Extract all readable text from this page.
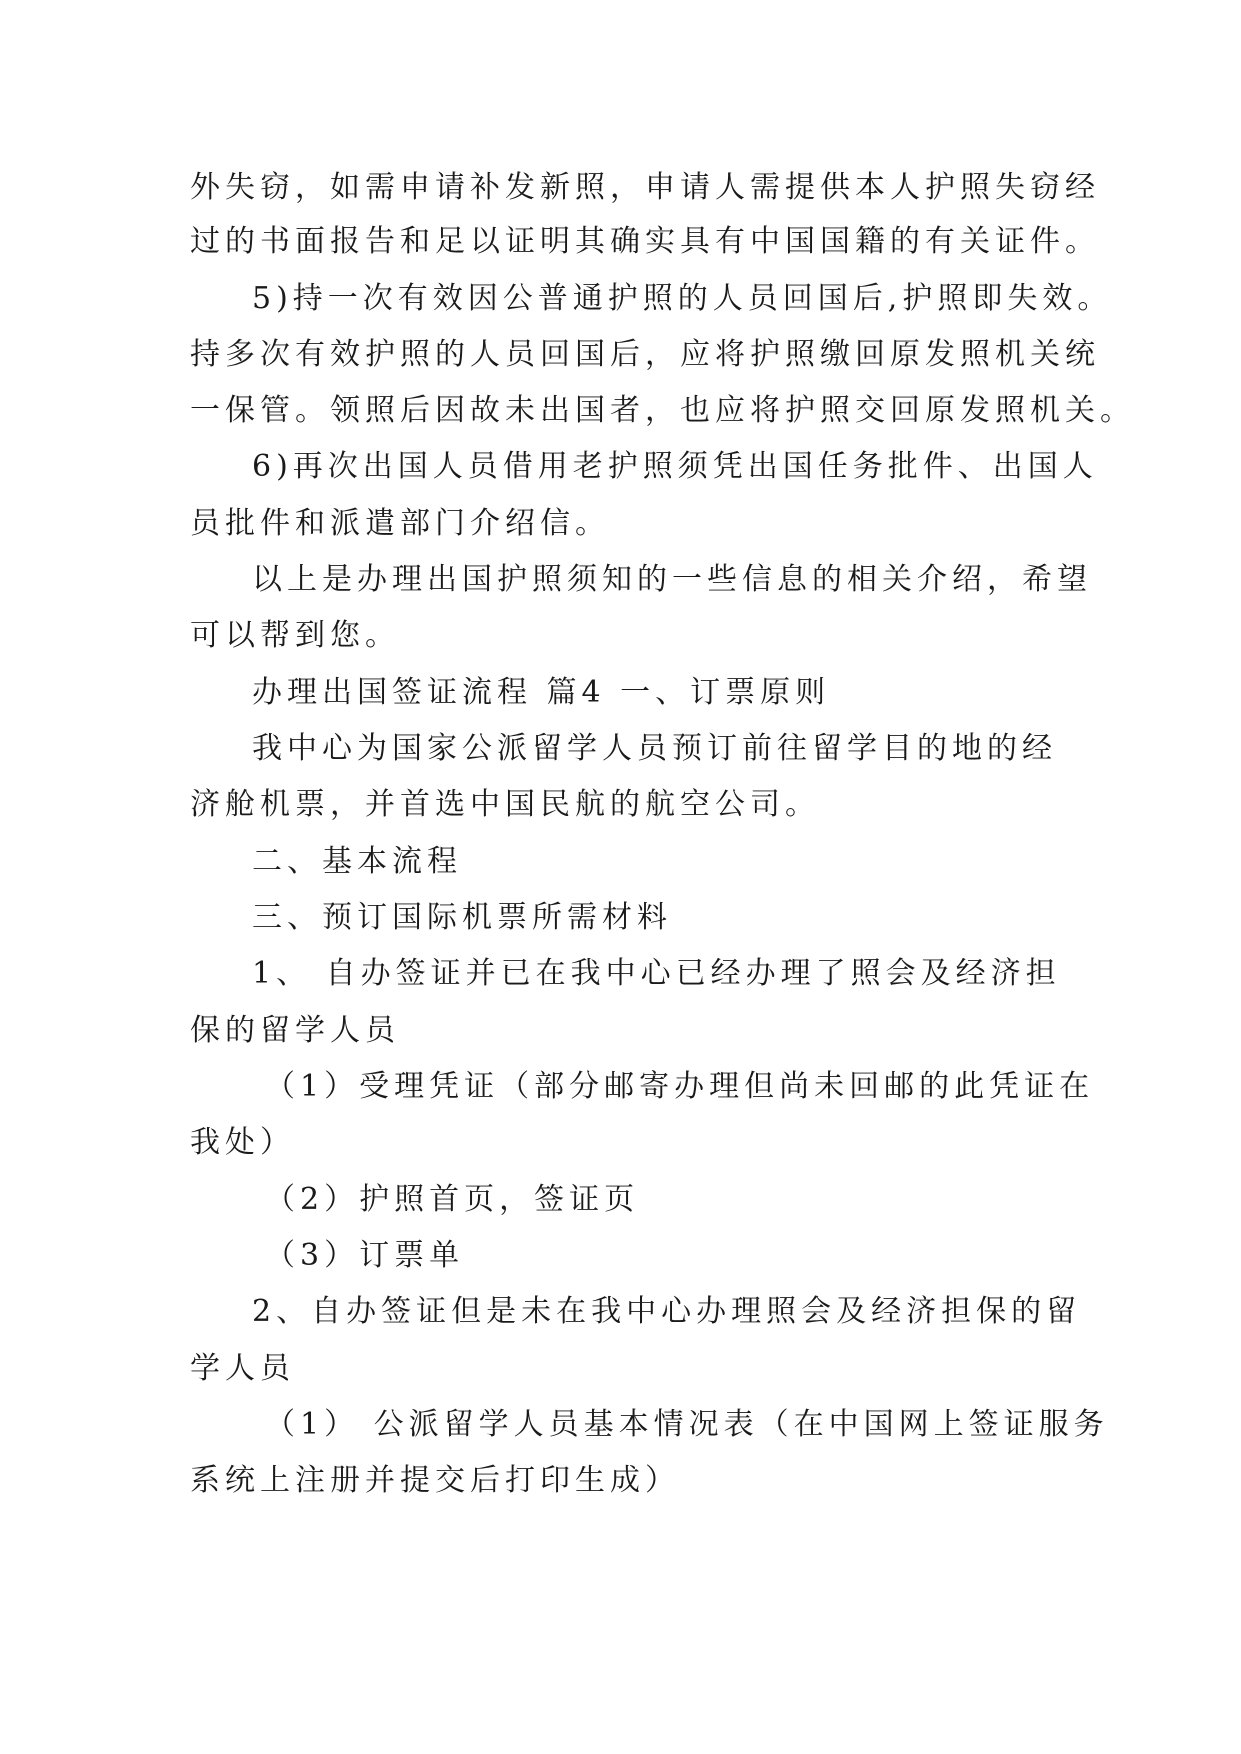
外失窃，如需申请补发新照，申请人需提供本人护照失窃经
过的书面报告和足以证明其确实具有中国国籍的有关证件。
5)持一次有效因公普通护照的人员回国后,护照即失效。
持多次有效护照的人员回国后，应将护照缴回原发照机关统
一保管。领照后因故未出国者，也应将护照交回原发照机关。
6)再次出国人员借用老护照须凭出国任务批件、出国人
员批件和派遣部门介绍信。
以上是办理出国护照须知的一些信息的相关介绍，希望
可以帮到您。
办理出国签证流程 篇4 一、订票原则
我中心为国家公派留学人员预订前往留学目的地的经
济舱机票，并首选中国民航的航空公司。
二、基本流程
三、预订国际机票所需材料
1、 自办签证并已在我中心已经办理了照会及经济担
保的留学人员
（1）受理凭证（部分邮寄办理但尚未回邮的此凭证在
我处）
（2）护照首页，签证页
（3）订票单
2、自办签证但是未在我中心办理照会及经济担保的留
学人员
（1） 公派留学人员基本情况表（在中国网上签证服务
系统上注册并提交后打印生成）
